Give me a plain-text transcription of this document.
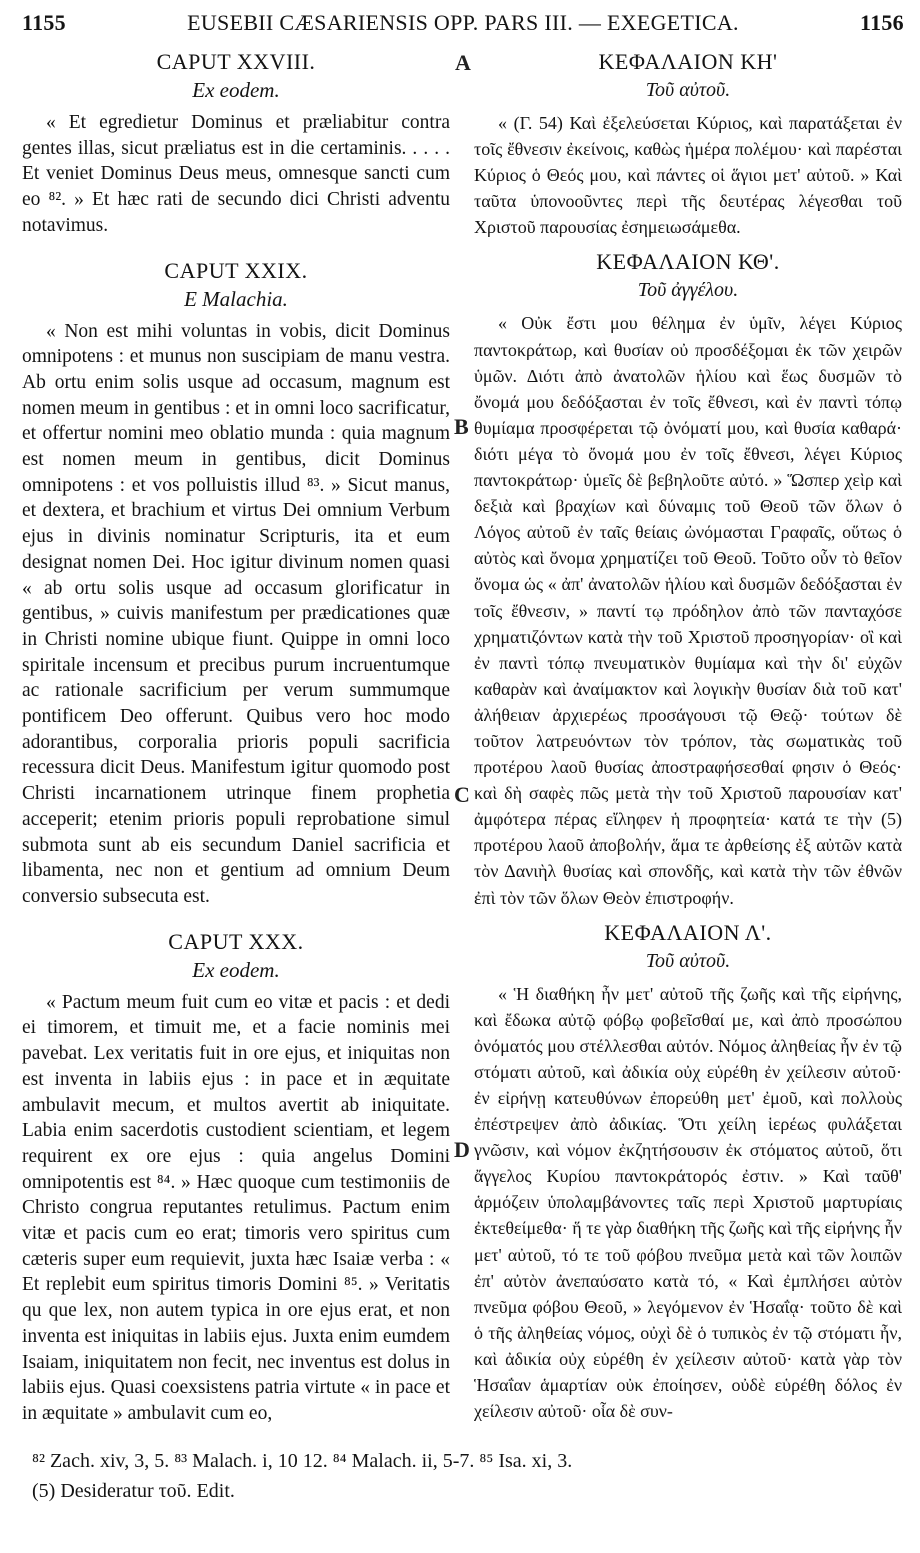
1155	EUSEBII CÆSARIENSIS OPP. PARS III. — EXEGETICA.	1156
A
B
C
D
CAPUT XXVIII.
Ex eodem.

« Et egredietur Dominus et præliabitur contra gentes illas, sicut præliatus est in die certaminis. . . . . Et veniet Dominus Deus meus, omnesque sancti cum eo ⁸². » Et hæc rati de secundo dici Christi adventu notavimus.

CAPUT XXIX.
E Malachia.

« Non est mihi voluntas in vobis, dicit Dominus omnipotens : et munus non suscipiam de manu vestra. Ab ortu enim solis usque ad occasum, magnum est nomen meum in gentibus : et in omni loco sacrificatur, et offertur nomini meo oblatio munda : quia magnum est nomen meum in gentibus, dicit Dominus omnipotens : et vos polluistis illud ⁸³. » Sicut manus, et dextera, et brachium et virtus Dei omnium Verbum ejus in divinis nominatur Scripturis, ita et eum designat nomen Dei. Hoc igitur divinum nomen quasi « ab ortu solis usque ad occasum glorificatur in gentibus, » cuivis manifestum per prædicationes quæ in Christi nomine ubique fiunt. Quippe in omni loco spiritale incensum et precibus purum incruentumque ac rationale sacrificium per verum summumque pontificem Deo offerunt. Quibus vero hoc modo adorantibus, corporalia prioris populi sacrificia recessura dicit Deus. Manifestum igitur quomodo post Christi incarnationem utrinque finem prophetia acceperit; etenim prioris populi reprobatione simul submota sunt ab eis secundum Daniel sacrificia et libamenta, nec non et gentium ad omnium Deum conversio subsecuta est.

CAPUT XXX.
Ex eodem.

« Pactum meum fuit cum eo vitæ et pacis : et dedi ei timorem, et timuit me, et a facie nominis mei pavebat. Lex veritatis fuit in ore ejus, et iniquitas non est inventa in labiis ejus : in pace et in æquitate ambulavit mecum, et multos avertit ab iniquitate. Labia enim sacerdotis custodient scientiam, et legem requirent ex ore ejus : quia angelus Domini omnipotentis est ⁸⁴. » Hæc quoque cum testimoniis de Christo congrua reputantes retulimus. Pactum enim vitæ et pacis cum eo erat; timoris vero spiritus cum cæteris super eum requievit, juxta hæc Isaiæ verba : « Et replebit eum spiritus timoris Domini ⁸⁵. » Veritatis qu que lex, non autem typica in ore ejus erat, et non inventa est iniquitas in labiis ejus. Juxta enim eumdem Isaiam, iniquitatem non fecit, nec inventus est dolus in labiis ejus. Quasi coexsistens patria virtute « in pace et in æquitate » ambulavit cum eo,

ΚΕΦΑΛΑΙΟΝ ΚΗ'
Τοῦ αὐτοῦ.

« (Γ. 54) Καὶ ἐξελεύσεται Κύριος, καὶ παρατάξεται ἐν τοῖς ἔθνεσιν ἐκείνοις, καθὼς ἡμέρα πολέμου· καὶ παρέσται Κύριος ὁ Θεός μου, καὶ πάντες οἱ ἅγιοι μετ' αὐτοῦ. » Καὶ ταῦτα ὑπονοοῦντες περὶ τῆς δευτέρας λέγεσθαι τοῦ Χριστοῦ παρουσίας ἐσημειωσάμεθα.

ΚΕΦΑΛΑΙΟΝ ΚΘ'.
Τοῦ ἀγγέλου.

« Οὐκ ἔστι μου θέλημα ἐν ὑμῖν, λέγει Κύριος παντοκράτωρ, καὶ θυσίαν οὐ προσδέξομαι ἐκ τῶν χειρῶν ὑμῶν. Διότι ἀπὸ ἀνατολῶν ἡλίου καὶ ἕως δυσμῶν τὸ ὄνομά μου δεδόξασται ἐν τοῖς ἔθνεσι, καὶ ἐν παντὶ τόπῳ θυμίαμα προσφέρεται τῷ ὀνόματί μου, καὶ θυσία καθαρά· διότι μέγα τὸ ὄνομά μου ἐν τοῖς ἔθνεσι, λέγει Κύριος παντοκράτωρ· ὑμεῖς δὲ βεβηλοῦτε αὐτό. » Ὥσπερ χεὶρ καὶ δεξιὰ καὶ βραχίων καὶ δύναμις τοῦ Θεοῦ τῶν ὅλων ὁ Λόγος αὐτοῦ ἐν ταῖς θείαις ὠνόμασται Γραφαῖς, οὕτως ὁ αὐτὸς καὶ ὄνομα χρηματίζει τοῦ Θεοῦ. Τοῦτο οὖν τὸ θεῖον ὄνομα ὡς « ἀπ' ἀνατολῶν ἡλίου καὶ δυσμῶν δεδόξασται ἐν τοῖς ἔθνεσιν, » παντί τῳ πρόδηλον ἀπὸ τῶν πανταχόσε χρηματιζόντων κατὰ τὴν τοῦ Χριστοῦ προσηγορίαν· οἳ καὶ ἐν παντὶ τόπῳ πνευματικὸν θυμίαμα καὶ τὴν δι' εὐχῶν καθαρὰν καὶ ἀναίμακτον καὶ λογικὴν θυσίαν διὰ τοῦ κατ' ἀλήθειαν ἀρχιερέως προσάγουσι τῷ Θεῷ· τούτων δὲ τοῦτον λατρευόντων τὸν τρόπον, τὰς σωματικὰς τοῦ προτέρου λαοῦ θυσίας ἀποστραφήσεσθαί φησιν ὁ Θεός· καὶ δὴ σαφὲς πῶς μετὰ τὴν τοῦ Χριστοῦ παρουσίαν κατ' ἀμφότερα πέρας εἴληφεν ἡ προφητεία· κατά τε τὴν (5) προτέρου λαοῦ ἀποβολήν, ἅμα τε ἀρθείσης ἐξ αὐτῶν κατὰ τὸν Δανιὴλ θυσίας καὶ σπονδῆς, καὶ κατὰ τὴν τῶν ἐθνῶν ἐπὶ τὸν τῶν ὅλων Θεὸν ἐπιστροφήν.

ΚΕΦΑΛΑΙΟΝ Λ'.
Τοῦ αὐτοῦ.

« Ἡ διαθήκη ἦν μετ' αὐτοῦ τῆς ζωῆς καὶ τῆς εἰρήνης, καὶ ἔδωκα αὐτῷ φόβῳ φοβεῖσθαί με, καὶ ἀπὸ προσώπου ὀνόματός μου στέλλεσθαι αὐτόν. Νόμος ἀληθείας ἦν ἐν τῷ στόματι αὐτοῦ, καὶ ἀδικία οὐχ εὑρέθη ἐν χείλεσιν αὐτοῦ· ἐν εἰρήνῃ κατευθύνων ἐπορεύθη μετ' ἐμοῦ, καὶ πολλοὺς ἐπέστρεψεν ἀπὸ ἀδικίας. Ὅτι χείλη ἱερέως φυλάξεται γνῶσιν, καὶ νόμον ἐκζητήσουσιν ἐκ στόματος αὐτοῦ, ὅτι ἄγγελος Κυρίου παντοκράτορός ἐστιν. » Καὶ ταῦθ' ἁρμόζειν ὑπολαμβάνοντες ταῖς περὶ Χριστοῦ μαρτυρίαις ἐκτεθείμεθα· ἥ τε γὰρ διαθήκη τῆς ζωῆς καὶ τῆς εἰρήνης ἦν μετ' αὐτοῦ, τό τε τοῦ φόβου πνεῦμα μετὰ καὶ τῶν λοιπῶν ἐπ' αὐτὸν ἀνεπαύσατο κατὰ τό, « Καὶ ἐμπλήσει αὐτὸν πνεῦμα φόβου Θεοῦ, » λεγόμενον ἐν Ἡσαΐᾳ· τοῦτο δὲ καὶ ὁ τῆς ἀληθείας νόμος, οὐχὶ δὲ ὁ τυπικὸς ἐν τῷ στόματι ἦν, καὶ ἀδικία οὐχ εὑρέθη ἐν χείλεσιν αὐτοῦ· κατὰ γὰρ τὸν Ἡσαΐαν ἁμαρτίαν οὐκ ἐποίησεν, οὐδὲ εὑρέθη δόλος ἐν χείλεσιν αὐτοῦ· οἷα δὲ συν-

⁸² Zach. xiv, 3, 5. ⁸³ Malach. i, 10 12. ⁸⁴ Malach. ii, 5-7. ⁸⁵ Isa. xi, 3.
(5) Desideratur τοῦ. Edit.
